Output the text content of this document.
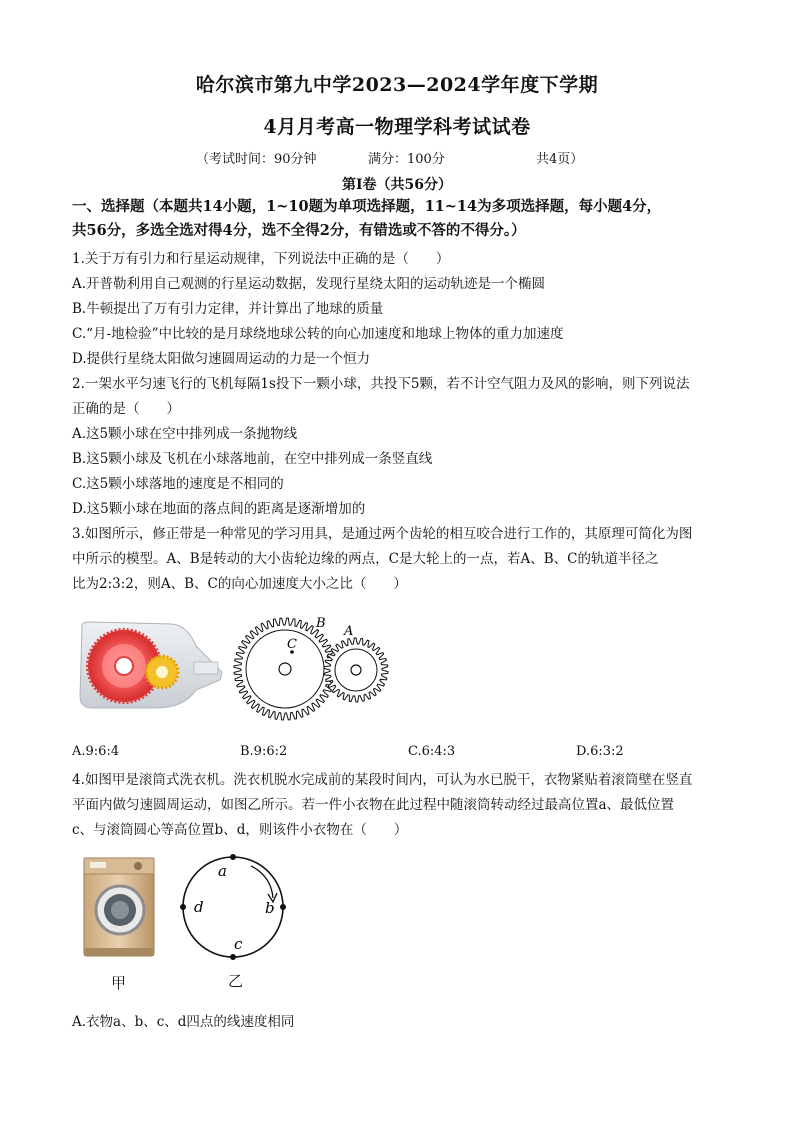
哈尔滨市第九中学2023—2024学年度下学期
4月月考高一物理学科考试试卷
（考试时间：90分钟	满分：100分	共4页）
第Ⅰ卷（共56分）
一、选择题（本题共14小题，1~10题为单项选择题，11~14为多项选择题，每小题4分，
共56分，多选全选对得4分，选不全得2分，有错选或不答的不得分。）
1.关于万有引力和行星运动规律，下列说法中正确的是（　　）
A.开普勒利用自己观测的行星运动数据，发现行星绕太阳的运动轨迹是一个椭圆
B.牛顿提出了万有引力定律，并计算出了地球的质量
C.“月-地检验”中比较的是月球绕地球公转的向心加速度和地球上物体的重力加速度
D.提供行星绕太阳做匀速圆周运动的力是一个恒力
2.一架水平匀速飞行的飞机每隔1s投下一颗小球，共投下5颗，若不计空气阻力及风的影响，则下列说法
正确的是（　　）
A.这5颗小球在空中排列成一条抛物线
B.这5颗小球及飞机在小球落地前，在空中排列成一条竖直线
C.这5颗小球落地的速度是不相同的
D.这5颗小球在地面的落点间的距离是逐渐增加的
3.如图所示，修正带是一种常见的学习用具，是通过两个齿轮的相互咬合进行工作的，其原理可简化为图
中所示的模型。A、B是转动的大小齿轮边缘的两点，C是大轮上的一点，若A、B、C的轨道半径之
比为2:3:2，则A、B、C的向心加速度大小之比（　　）
C
B
A
A.9:6:4	B.9:6:2	C.6:4:3	D.6:3:2
4.如图甲是滚筒式洗衣机。洗衣机脱水完成前的某段时间内，可认为水已脱干，衣物紧贴着滚筒壁在竖直
平面内做匀速圆周运动，如图乙所示。若一件小衣物在此过程中随滚筒转动经过最高位置a、最低位置
c、与滚筒圆心等高位置b、d，则该件小衣物在（　　）
a
b
c
d
甲	乙
A.衣物a、b、c、d四点的线速度相同
